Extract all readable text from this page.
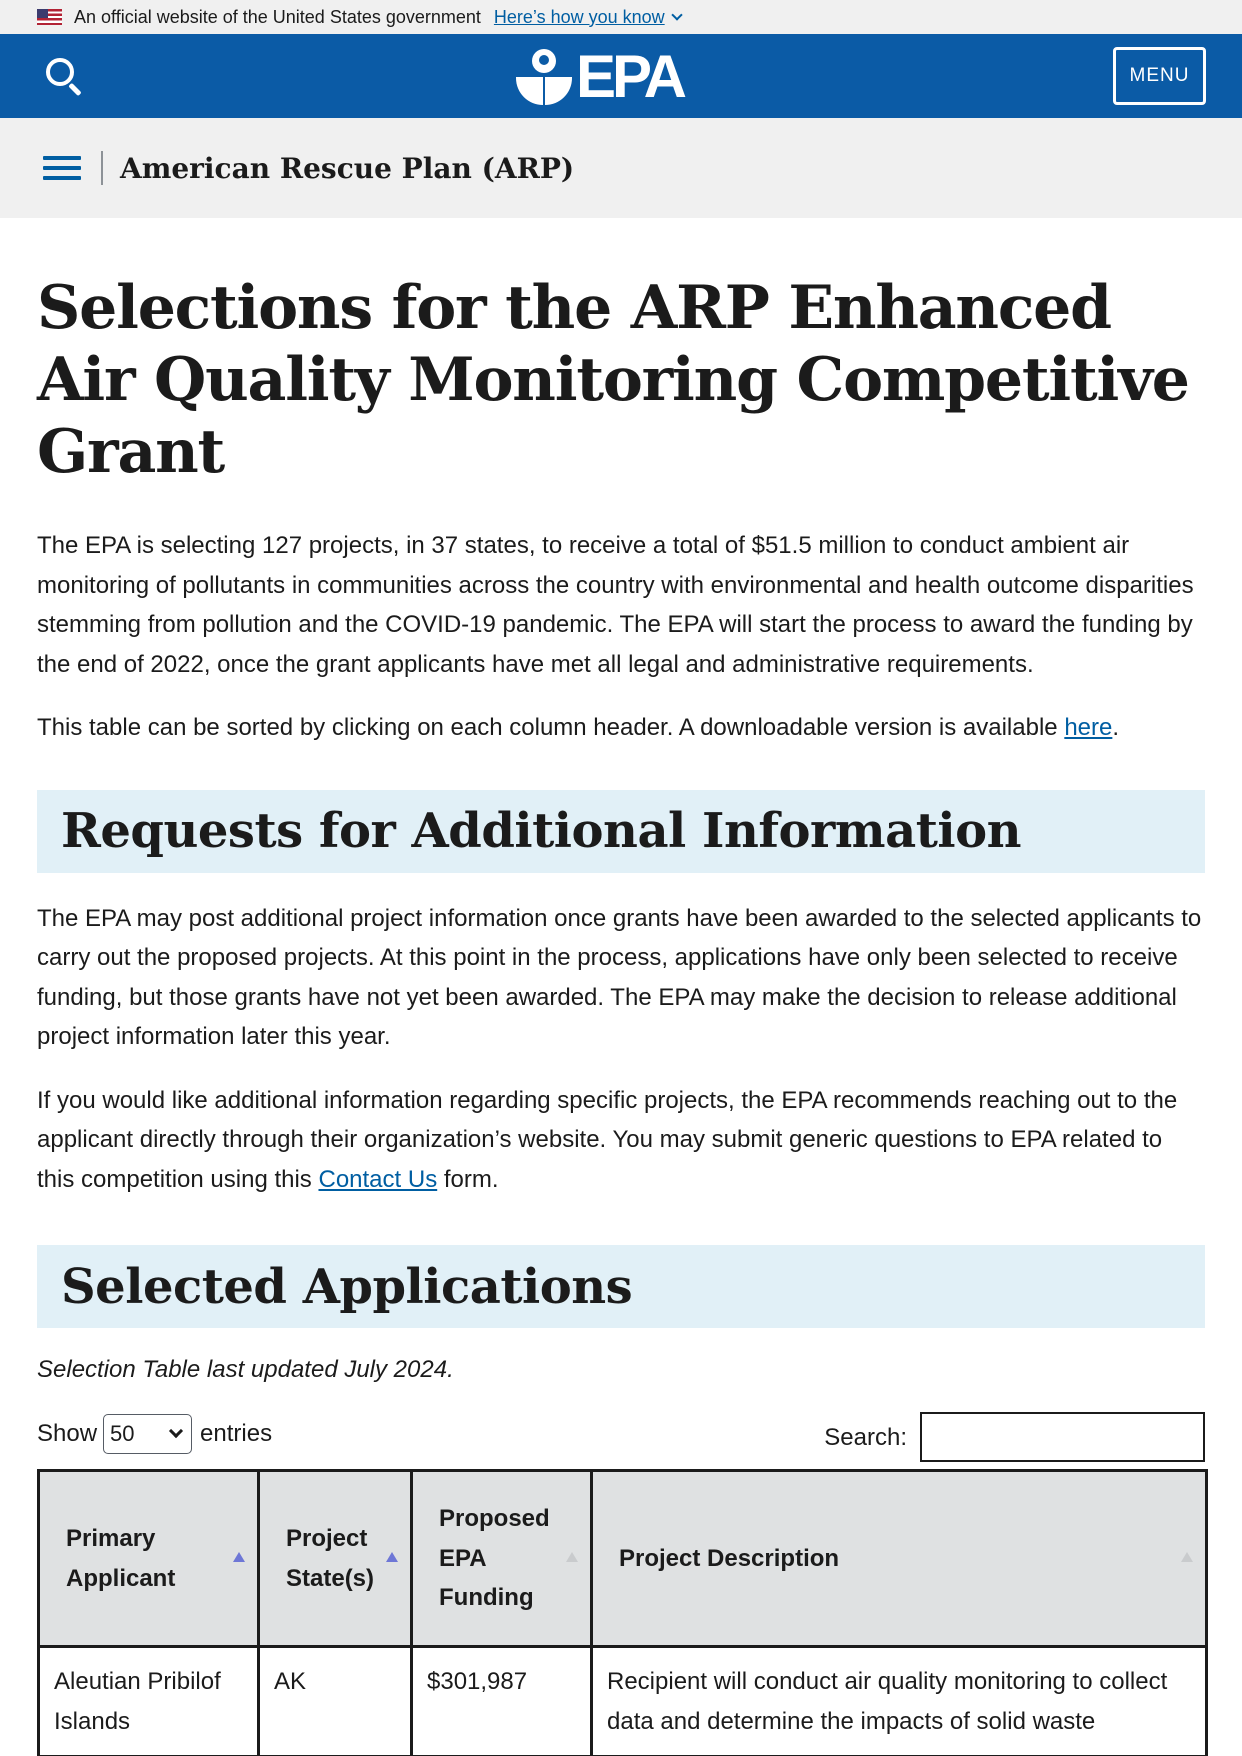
An official website of the United States government Here’s how you know
EPA	MENU
American Rescue Plan (ARP)
Selections for the ARP Enhanced Air Quality Monitoring Competitive Grant

The EPA is selecting 127 projects, in 37 states, to receive a total of $51.5 million to conduct ambient air monitoring of pollutants in communities across the country with environmental and health outcome disparities stemming from pollution and the COVID-19 pandemic. The EPA will start the process to award the funding by the end of 2022, once the grant applicants have met all legal and administrative requirements.

This table can be sorted by clicking on each column header. A downloadable version is available here.

Requests for Additional Information

The EPA may post additional project information once grants have been awarded to the selected applicants to carry out the proposed projects. At this point in the process, applications have only been selected to receive funding, but those grants have not yet been awarded. The EPA may make the decision to release additional project information later this year.

If you would like additional information regarding specific projects, the EPA recommends reaching out to the applicant directly through their organization’s website. You may submit generic questions to EPA related to this competition using this Contact Us form.

Selected Applications

Selection Table last updated July 2024.

Show 50	entries	Search:
Primary Applicant	Project State(s)	Proposed EPA Funding	Project Description

Aleutian Pribilof Islands	AK	$301,987	Recipient will conduct air quality monitoring to collect data and determine the impacts of solid waste
